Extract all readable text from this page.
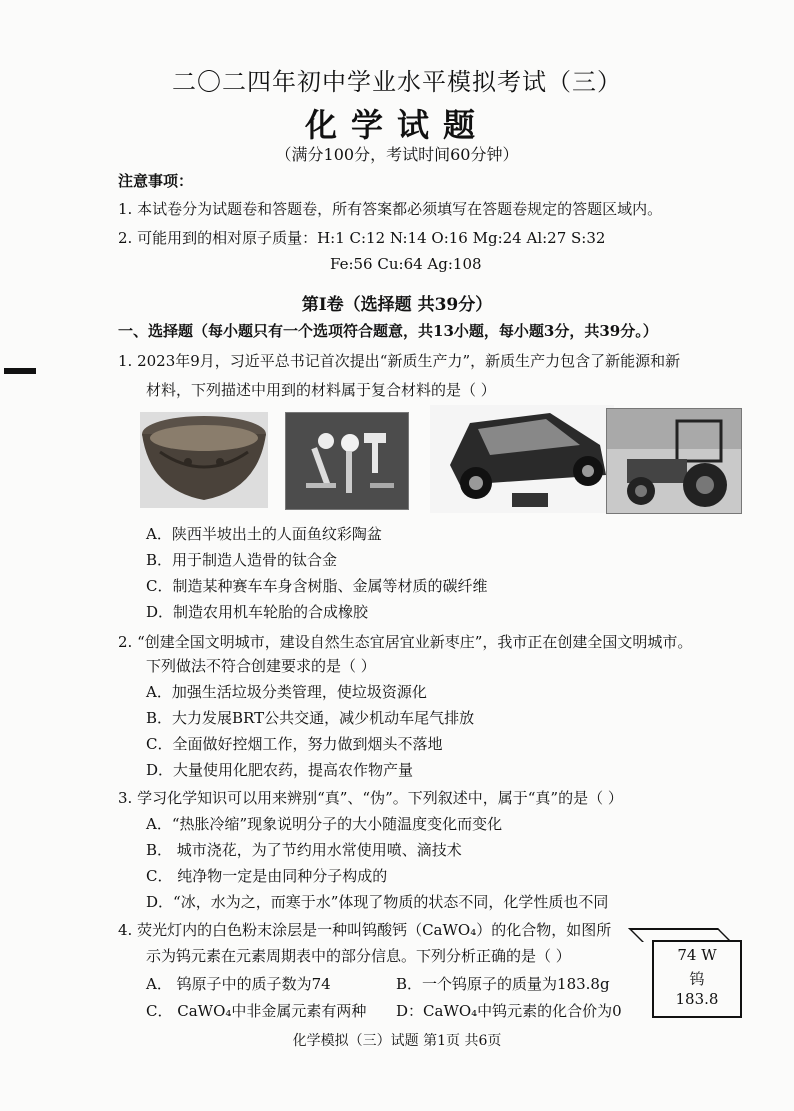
二〇二四年初中学业水平模拟考试（三）
化学试题
（满分100分，考试时间60分钟）
注意事项：
1. 本试卷分为试题卷和答题卷，所有答案都必须填写在答题卷规定的答题区域内。
2. 可能用到的相对原子质量：H:1 C:12 N:14 O:16 Mg:24 Al:27 S:32
Fe:56 Cu:64 Ag:108
第Ⅰ卷（选择题 共39分）
一、选择题（每小题只有一个选项符合题意，共13小题，每小题3分，共39分。）
1. 2023年9月，习近平总书记首次提出“新质生产力”，新质生产力包含了新能源和新
材料，下列描述中用到的材料属于复合材料的是（ ）
A．陕西半坡出土的人面鱼纹彩陶盆
B．用于制造人造骨的钛合金
C．制造某种赛车车身含树脂、金属等材质的碳纤维
D．制造农用机车轮胎的合成橡胶
2. “创建全国文明城市，建设自然生态宜居宜业新枣庄”，我市正在创建全国文明城市。
下列做法不符合创建要求的是（ ）
A．加强生活垃圾分类管理，使垃圾资源化
B．大力发展BRT公共交通，减少机动车尾气排放
C．全面做好控烟工作，努力做到烟头不落地
D．大量使用化肥农药，提高农作物产量
3. 学习化学知识可以用来辨别“真”、“伪”。下列叙述中，属于“真”的是（ ）
A．“热胀冷缩”现象说明分子的大小随温度变化而变化
B． 城市浇花，为了节约用水常使用喷、滴技术
C． 纯净物一定是由同种分子构成的
D．“冰，水为之，而寒于水”体现了物质的状态不同，化学性质也不同
4. 荧光灯内的白色粉末涂层是一种叫钨酸钙（CaWO₄）的化合物，如图所
示为钨元素在元素周期表中的部分信息。下列分析正确的是（ ）
A． 钨原子中的质子数为74	B．一个钨原子的质量为183.8g
C． CaWO₄中非金属元素有两种 D：CaWO₄中钨元素的化合价为0
74 W
钨
183.8
化学模拟（三）试题 第1页 共6页
